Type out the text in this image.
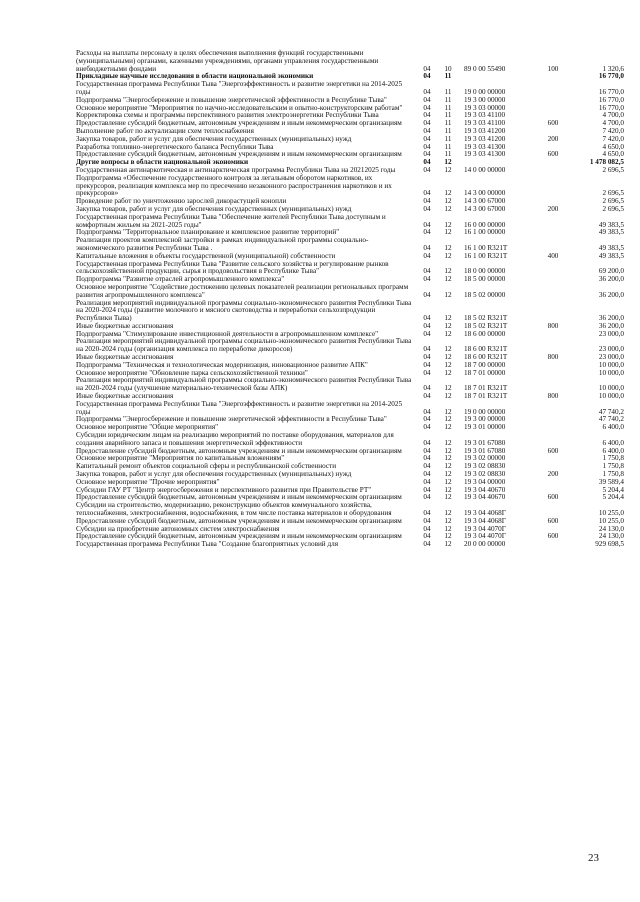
Расходы на выплаты персоналу в целях обеспечения выполнения функций государственными (муниципальными) органами, казенными учреждениями, органами управления государственными внебюджетными фондами	04	10	89 0 00 55490	100	1 320,6
Прикладные научные исследования в области национальной экономики	04	11			16 770,0
Государственная программа Республики Тыва "Энергоэффективность и развитие энергетики на 2014-2025 годы	04	11	19 0 00 00000		16 770,0
Подпрограмма "Энергосбережение и повышение энергетической эффективности в Республике Тыва"	04	11	19 3 00 00000		16 770,0
Основное мероприятие "Мероприятия по научно-исследовательским и опытно-конструкторским работам"	04	11	19 3 03 00000		16 770,0
Корректировка схемы и программы перспективного развития электроэнергетики Республики Тыва	04	11	19 3 03 41100		4 700,0
Предоставление субсидий бюджетным, автономным учреждениям и иным некоммерческим организациям	04	11	19 3 03 41100	600	4 700,0
Выполнение работ по актуализации схем теплоснабжения	04	11	19 3 03 41200		7 420,0
Закупка товаров, работ и услуг для обеспечения государственных (муниципальных) нужд	04	11	19 3 03 41200	200	7 420,0
Разработка топливно-энергетического баланса Республики Тыва	04	11	19 3 03 41300		4 650,0
Предоставление субсидий бюджетным, автономным учреждениям и иным некоммерческим организациям	04	11	19 3 03 41300	600	4 650,0
Другие вопросы в области национальной экономики	04	12			1 478 082,5
Государственная антинаркотическая и антинарктическая программа Республики Тыва на 20212025 годы	04	12	14 0 00 00000		2 696,5
Подпрограмма «Обеспечение государственного контроля за легальным оборотом наркотиков, их прекурсоров, реализация комплекса мер по пресечению незаконного распространения наркотиков и их прекурсоров»	04	12	14 3 00 00000		2 696,5
Проведение работ по уничтожению зарослей дикорастущей конопли	04	12	14 3 00 67000		2 696,5
Закупка товаров, работ и услуг для обеспечения государственных (муниципальных) нужд	04	12	14 3 00 67000	200	2 696,5
Государственная программа Республики Тыва "Обеспечение жителей Республики Тыва доступным и комфортным жильем на 2021-2025 годы"	04	12	16 0 00 00000		49 383,5
Подпрограмма "Территориальное планирование и комплексное развитие территорий"	04	12	16 1 00 00000		49 383,5
Реализация проектов комплексной застройки в рамках индивидуальной программы социально-экономического развития Республики Тыва .	04	12	16 1 00 R321T		49 383,5
Капитальные вложения в объекты государственной (муниципальной) собственности	04	12	16 1 00 R321T	400	49 383,5
Государственная программа Республики Тыва "Развитие сельского хозяйства и регулирование рынков сельскохозяйственной продукции, сырья и продовольствия в Республике Тыва"	04	12	18 0 00 00000		69 200,0
Подпрограмма "Развитие отраслей агропромышленного комплекса"	04	12	18 5 00 00000		36 200,0
Основное мероприятие "Содействие достижению целевых показателей реализации региональных программ развития агропромышленного комплекса"	04	12	18 5 02 00000		36 200,0
Реализация мероприятий индивидуальной программы социально-экономического развития Республики Тыва на 2020-2024 годы (развитие молочного и мясного скотоводства и переработки сельхозпродукции Республики Тыва)	04	12	18 5 02 R321T		36 200,0
Иные бюджетные ассигнования	04	12	18 5 02 R321T	800	36 200,0
Подпрограмма "Стимулирование инвестиционной деятельности в агропромышленном комплексе"	04	12	18 6 00 00000		23 000,0
Реализация мероприятий индивидуальной программы социально-экономического развития Республики Тыва на 2020-2024 годы (организация комплекса по переработке дикоросов)	04	12	18 6 00 R321T		23 000,0
Иные бюджетные ассигнования	04	12	18 6 00 R321T	800	23 000,0
Подпрограмма "Техническая и технологическая модернизация, инновационное развитие АПК"	04	12	18 7 00 00000		10 000,0
Основное мероприятие "Обновление парка сельскохозяйственной техники"	04	12	18 7 01 00000		10 000,0
Реализация мероприятий индивидуальной программы социально-экономического развития Республики Тыва на 2020-2024 годы (улучшение материально-технической базы АПК)	04	12	18 7 01 R321T		10 000,0
Иные бюджетные ассигнования	04	12	18 7 01 R321T	800	10 000,0
Государственная программа Республики Тыва "Энергоэффективность и развитие энергетики на 2014-2025 годы	04	12	19 0 00 00000		47 740,2
Подпрограмма "Энергосбережение и повышение энергетической эффективности в Республике Тыва"	04	12	19 3 00 00000		47 740,2
Основное мероприятие "Общие мероприятия"	04	12	19 3 01 00000		6 400,0
Субсидии юридическим лицам на реализацию мероприятий по поставке оборудования, материалов для создания аварийного запаса и повышения энергетической эффективности	04	12	19 3 01 67080		6 400,0
Предоставление субсидий бюджетным, автономным учреждениям и иным некоммерческим организациям	04	12	19 3 01 67080	600	6 400,0
Основное мероприятие "Мероприятия по капитальным вложениям"	04	12	19 3 02 00000		1 750,8
Капитальный ремонт объектов социальной сферы и республиканской собственности	04	12	19 3 02 08830		1 750,8
Закупка товаров, работ и услуг для обеспечения государственных (муниципальных) нужд	04	12	19 3 02 08830	200	1 750,8
Основное мероприятие "Прочие мероприятия"	04	12	19 3 04 00000		39 589,4
Субсидии ГАУ РТ "Центр энергосбережения и перспективного развития при Правительстве РТ"	04	12	19 3 04 40670		5 204,4
Предоставление субсидий бюджетным, автономным учреждениям и иным некоммерческим организациям	04	12	19 3 04 40670	600	5 204,4
Субсидии на строительство, модернизацию, реконструкцию объектов коммунального хозяйства, теплоснабжения, электроснабжения, водоснабжения, в том числе поставка материалов и оборудования	04	12	19 3 04 4068Г		10 255,0
Предоставление субсидий бюджетным, автономным учреждениям и иным некоммерческим организациям	04	12	19 3 04 4068Г	600	10 255,0
Субсидии на приобретение автономных систем электроснабжения	04	12	19 3 04 4070Г		24 130,0
Предоставление субсидий бюджетным, автономным учреждениям и иным некоммерческим организациям	04	12	19 3 04 4070Г	600	24 130,0
Государственная программа Республики Тыва "Создание благоприятных условий для	04	12	20 0 00 00000		929 698,5
23
